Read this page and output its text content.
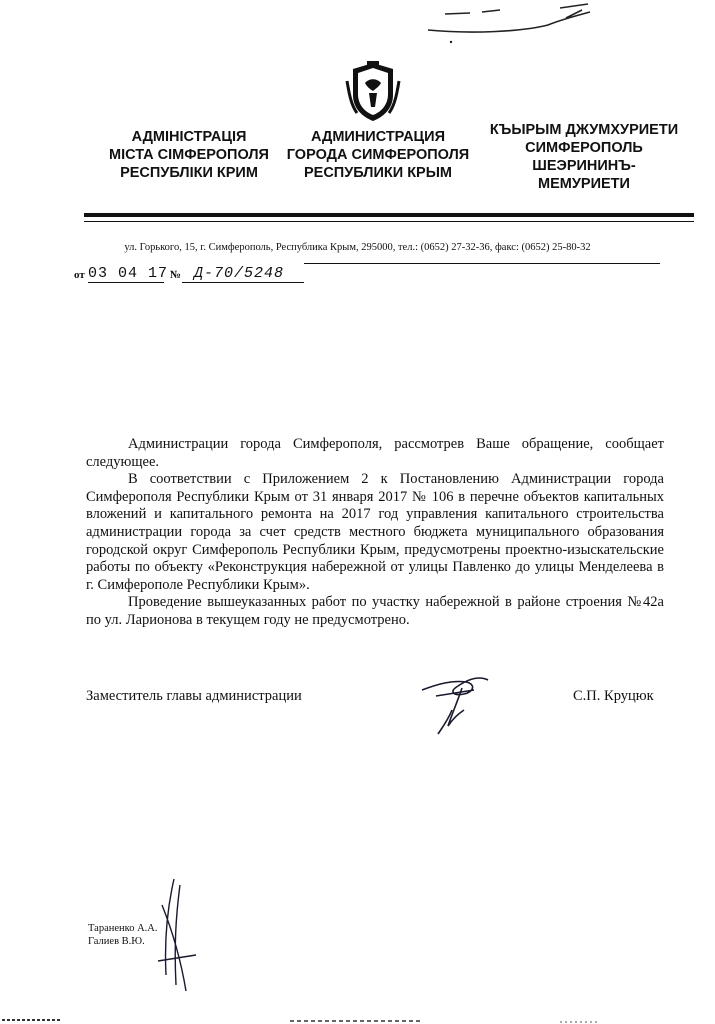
АДМІНІСТРАЦІЯ
МІСТА СІМФЕРОПОЛЯ
РЕСПУБЛІКИ КРИМ
АДМИНИСТРАЦИЯ
ГОРОДА СИМФЕРОПОЛЯ
РЕСПУБЛИКИ КРЫМ
КЪЫРЫМ ДЖУМХУРИЕТИ
СИМФЕРОПОЛЬ
ШЕЭРИНИНЪ-
МЕМУРИЕТИ
ул. Горького, 15, г. Симферополь, Республика Крым, 295000, тел.: (0652) 27-32-36, факс: (0652) 25-80-32
от 03 04 17 № Д-70/5248

Администрации города Симферополя, рассмотрев Ваше обращение, сообщает следующее.

В соответствии с Приложением 2 к Постановлению Администрации города Симферополя Республики Крым от 31 января 2017 № 106 в перечне объектов капитальных вложений и капитального ремонта на 2017 год управления капитального строительства администрации города за счет средств местного бюджета муниципального образования городской округ Симферополь Республики Крым, предусмотрены проектно-изыскательские работы по объекту «Реконструкция набережной от улицы Павленко до улицы Менделеева в г. Симферополе Республики Крым».

Проведение вышеуказанных работ по участку набережной в районе строения №42а по ул. Ларионова в текущем году не предусмотрено.

Заместитель главы администрации	С.П. Круцюк
Тараненко А.А.
Галиев В.Ю.
